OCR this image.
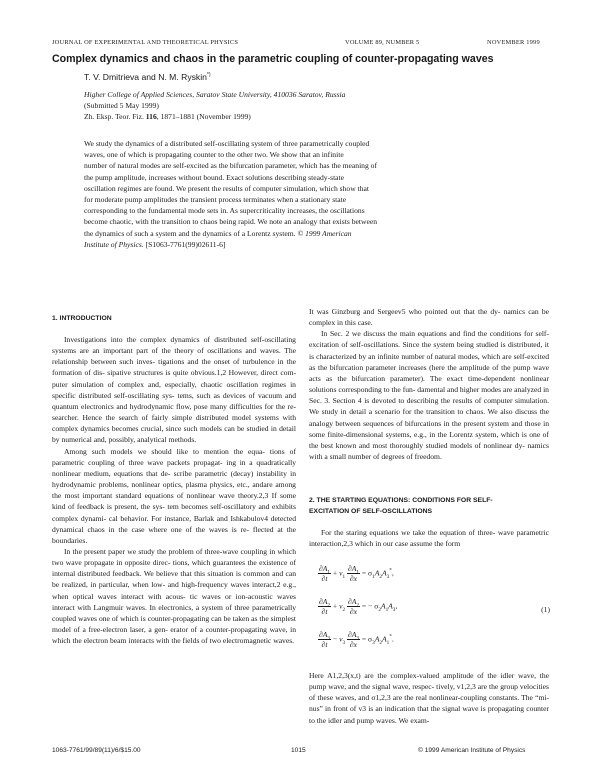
JOURNAL OF EXPERIMENTAL AND THEORETICAL PHYSICS	VOLUME 89, NUMBER 5	NOVEMBER 1999
Complex dynamics and chaos in the parametric coupling of counter-propagating waves
T. V. Dmitrieva and N. M. Ryskin*)
Higher College of Applied Sciences, Saratov State University, 410036 Saratov, Russia
(Submitted 5 May 1999)
Zh. Eksp. Teor. Fiz. 116, 1871–1881 (November 1999)
We study the dynamics of a distributed self-oscillating system of three parametrically coupled
waves, one of which is propagating counter to the other two. We show that an infinite
number of natural modes are self-excited as the bifurcation parameter, which has the meaning of
the pump amplitude, increases without bound. Exact solutions describing steady-state
oscillation regimes are found. We present the results of computer simulation, which show that
for moderate pump amplitudes the transient process terminates when a stationary state
corresponding to the fundamental mode sets in. As supercriticality increases, the oscillations
become chaotic, with the transition to chaos being rapid. We note an analogy that exists between
the dynamics of such a system and the dynamics of a Lorentz system. © 1999 American
Institute of Physics. [S1063-7761(99)02611-6]
1. INTRODUCTION

Investigations into the complex dynamics of distributed self-oscillating systems are an important part of the theory of oscillations and waves. The relationship between such inves- tigations and the onset of turbulence in the formation of dis- sipative structures is quite obvious.1,2 However, direct com- puter simulation of complex and, especially, chaotic oscillation regimes in specific distributed self-oscillating sys- tems, such as devices of vacuum and quantum electronics and hydrodynamic flow, pose many difficulties for the re- searcher. Hence the search of fairly simple distributed model systems with complex dynamics becomes crucial, since such models can be studied in detail by numerical and, possibly, analytical methods.

Among such models we should like to mention the equa- tions of parametric coupling of three wave packets propagat- ing in a quadratically nonlinear medium, equations that de- scribe parametric (decay) instability in hydrodynamic problems, nonlinear optics, plasma physics, etc., andare among the most important standard equations of nonlinear wave theory.2,3 If some kind of feedback is present, the sys- tem becomes self-oscillatory and exhibits complex dynami- cal behavior. For instance, Barlak and Ishkabulov4 detected dynamical chaos in the case where one of the waves is re- flected at the boundaries.

In the present paper we study the problem of three-wave coupling in which two wave propagate in opposite direc- tions, which guarantees the existence of internal distributed feedback. We believe that this situation is common and can be realized, in particular, when low- and high-frequency waves interact,2 e.g., when optical waves interact with acous- tic waves or ion-acoustic waves interact with Langmuir waves. In electronics, a system of three parametrically coupled waves one of which is counter-propagating can be taken as the simplest model of a free-electron laser, a gen- erator of a counter-propagating wave, in which the electron beam interacts with the fields of two electromagnetic waves.

It was Ginzburg and Sergeev5 who pointed out that the dy- namics can be complex in this case.

In Sec. 2 we discuss the main equations and find the conditions for self-excitation of self-oscillations. Since the system being studied is distributed, it is characterized by an infinite number of natural modes, which are self-excited as the bifurcation parameter increases (here the amplitude of the pump wave acts as the bifurcation parameter). The exact time-dependent nonlinear solutions corresponding to the fun- damental and higher modes are analyzed in Sec. 3. Section 4 is devoted to describing the results of computer simulation. We study in detail a scenario for the transition to chaos. We also discuss the analogy between sequences of bifurcations in the present system and those in some finite-dimensional systems, e.g., in the Lorentz system, which is one of the best known and most thoroughly studied models of nonlinear dy- namics with a small number of degrees of freedom.

2. THE STARTING EQUATIONS: CONDITIONS FOR SELF-
EXCITATION OF SELF-OSCILLATIONS

For the staring equations we take the equation of three- wave parametric interaction,2,3 which in our case assume the form

$\frac{\partial A_1}{\partial t} + v_1 \frac{\partial A_1}{\partial x} = \sigma_1A_2A_3^*$,
$\frac{\partial A_2}{\partial t} + v_2 \frac{\partial A_2}{\partial x}$ = − $\sigma_2A_1A_3$,
$\frac{\partial A_3}{\partial t} - v_3 \frac{\partial A_3}{\partial x} = \sigma_3A_2A_1^*$.
(1)

Here A1,2,3(x,t) are the complex-valued amplitude of the idler wave, the pump wave, and the signal wave, respec- tively, v1,2,3 are the group velocities of these waves, and σ1,2,3 are the real nonlinear-coupling constants. The “mi- nus” in front of v3 is an indication that the signal wave is propagating counter to the idler and pump waves. We exam-

1063-7761/99/89(11)/6/$15.00	1015	© 1999 American Institute of Physics
